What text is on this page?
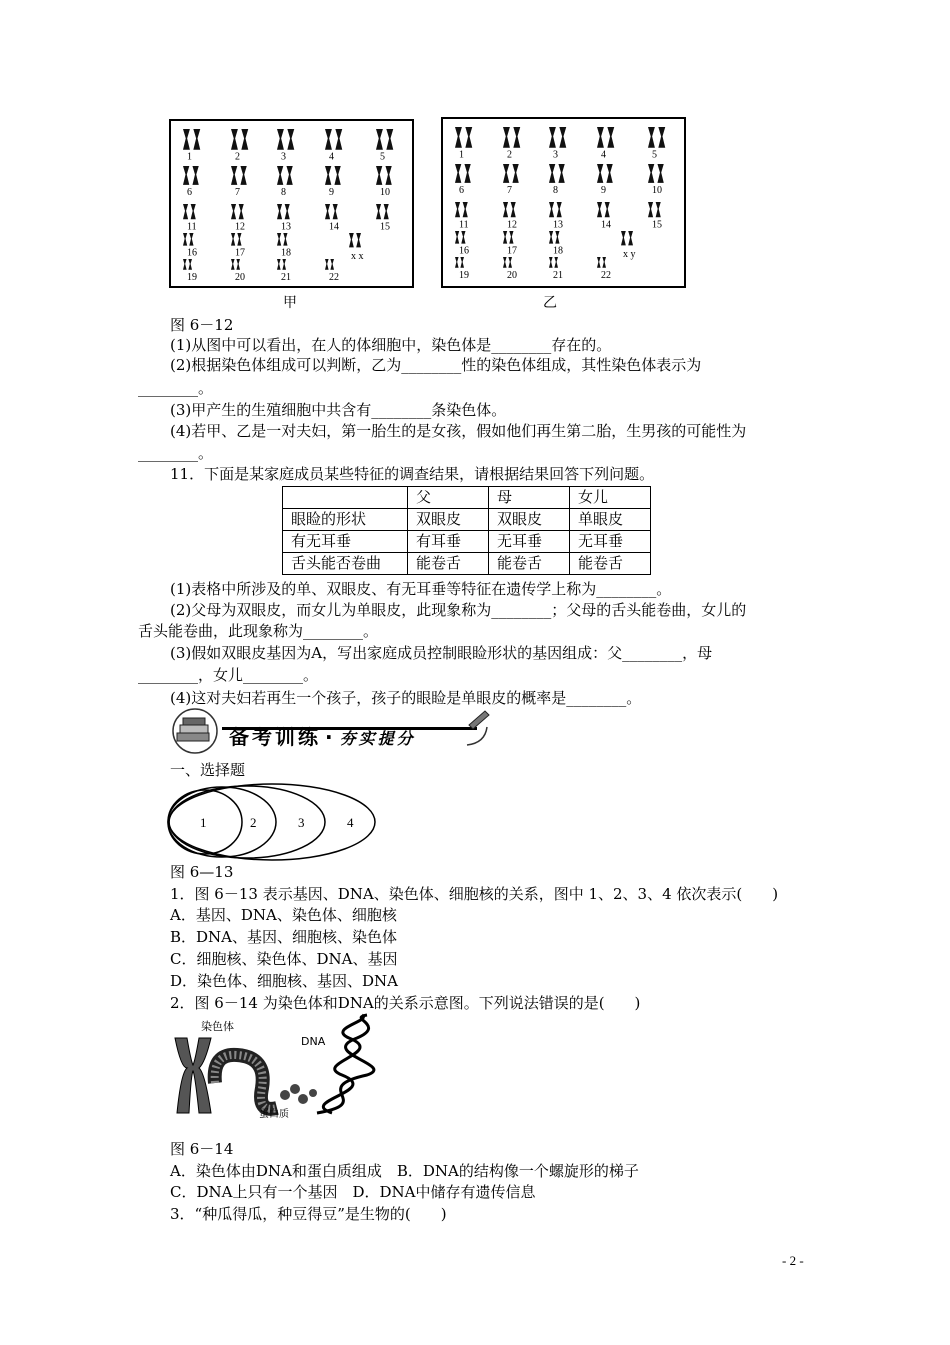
1	2	3	4	5
6	7	8	9	10
11	12	13	14	15
16	17	18
19	20	21	22
x x
1	2	3	4	5
6	7	8	9	10
11	12	13	14	15
16	17	18
19	20	21	22
x y
甲	乙
图 6－12
(1)从图中可以看出，在人的体细胞中，染色体是________存在的。
(2)根据染色体组成可以判断，乙为________性的染色体组成，其性染色体表示为
________。
(3)甲产生的生殖细胞中共含有________条染色体。
(4)若甲、乙是一对夫妇，第一胎生的是女孩，假如他们再生第二胎，生男孩的可能性为
________。
11．下面是某家庭成员某些特征的调查结果，请根据结果回答下列问题。
	父	母	女儿
眼睑的形状	双眼皮	双眼皮	单眼皮
有无耳垂	有耳垂	无耳垂	无耳垂
舌头能否卷曲	能卷舌	能卷舌	能卷舌
(1)表格中所涉及的单、双眼皮、有无耳垂等特征在遗传学上称为________。
(2)父母为双眼皮，而女儿为单眼皮，此现象称为________；父母的舌头能卷曲，女儿的
舌头能卷曲，此现象称为________。
(3)假如双眼皮基因为A，写出家庭成员控制眼睑形状的基因组成：父________，母
________，女儿________。
(4)这对夫妇若再生一个孩子，孩子的眼睑是单眼皮的概率是________。
备考训练 · 夯实提分
一、选择题
1	2	3	4
图 6—13
1．图 6－13 表示基因、DNA、染色体、细胞核的关系，图中 1、2、3、4 依次表示(　　)
A．基因、DNA、染色体、细胞核
B．DNA、基因、细胞核、染色体
C．细胞核、染色体、DNA、基因
D．染色体、细胞核、基因、DNA
2．图 6－14 为染色体和DNA的关系示意图。下列说法错误的是(　　)
染色体
DNA
蛋白质
图 6－14
A．染色体由DNA和蛋白质组成　B．DNA的结构像一个螺旋形的梯子
C．DNA上只有一个基因　D．DNA中储存有遗传信息
3．“种瓜得瓜，种豆得豆”是生物的(　　)
- 2 -
